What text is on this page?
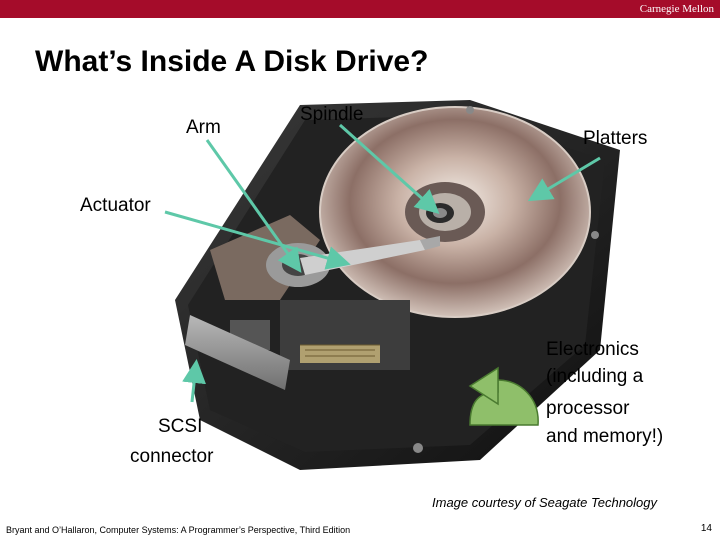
Carnegie Mellon
What’s Inside A Disk Drive?
Arm
Spindle
Platters
Actuator
SCSI
connector
Electronics
(including a
processor
and memory!)
Image courtesy of Seagate Technology
Bryant and O’Hallaron, Computer Systems: A Programmer’s Perspective, Third Edition	14
